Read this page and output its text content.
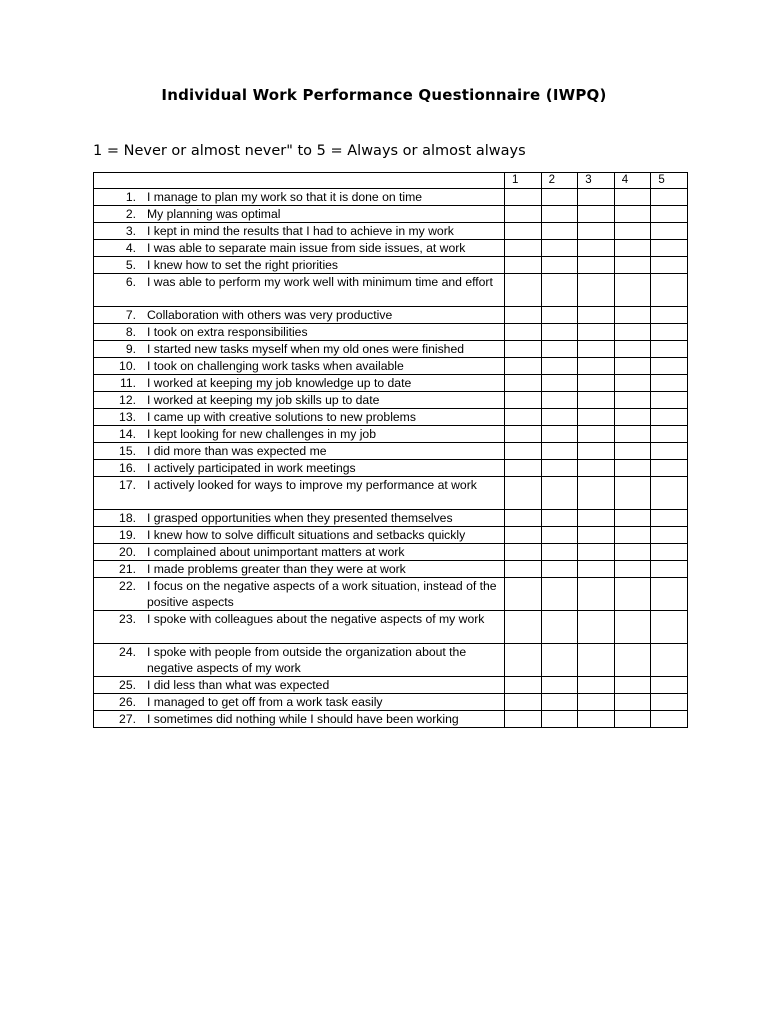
Individual Work Performance Questionnaire (IWPQ)
1 = Never or almost never" to 5 = Always or almost always
	1	2	3	4	5

1. I manage to plan my work so that it is done on time					

2. My planning was optimal					

3. I kept in mind the results that I had to achieve in my work					

4. I was able to separate main issue from side issues, at work					

5. I knew how to set the right priorities					

6. I was able to perform my work well with minimum time and effort					

7. Collaboration with others was very productive					

8. I took on extra responsibilities					

9. I started new tasks myself when my old ones were finished					

10. I took on challenging work tasks when available					

11. I worked at keeping my job knowledge up to date					

12. I worked at keeping my job skills up to date					

13. I came up with creative solutions to new problems					

14. I kept looking for new challenges in my job					

15. I did more than was expected me					

16. I actively participated in work meetings					

17. I actively looked for ways to improve my performance at work					

18. I grasped opportunities when they presented themselves					

19. I knew how to solve difficult situations and setbacks quickly					

20. I complained about unimportant matters at work					

21. I made problems greater than they were at work					

22. I focus on the negative aspects of a work situation, instead of the positive aspects					

23. I spoke with colleagues about the negative aspects of my work					

24. I spoke with people from outside the organization about the negative aspects of my work					

25. I did less than what was expected					

26. I managed to get off from a work task easily					

27. I sometimes did nothing while I should have been working					
